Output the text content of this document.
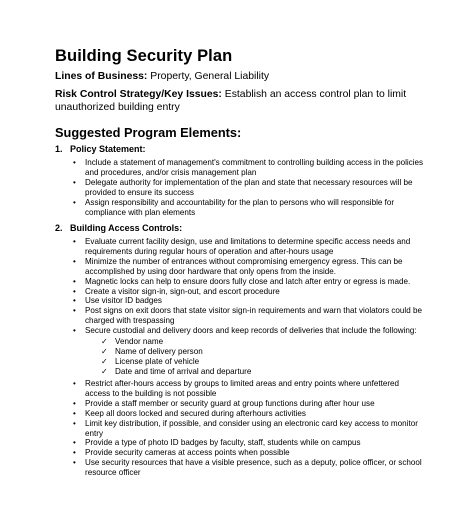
Building Security Plan
Lines of Business: Property, General Liability
Risk Control Strategy/Key Issues: Establish an access control plan to limit unauthorized building entry
Suggested Program Elements:
1. Policy Statement:
• Include a statement of management's commitment to controlling building access in the policies and procedures, and/or crisis management plan
• Delegate authority for implementation of the plan and state that necessary resources will be provided to ensure its success
• Assign responsibility and accountability for the plan to persons who will responsible for compliance with plan elements
2. Building Access Controls:
• Evaluate current facility design, use and limitations to determine specific access needs and requirements during regular hours of operation and after-hours usage
• Minimize the number of entrances without compromising emergency egress. This can be accomplished by using door hardware that only opens from the inside.
• Magnetic locks can help to ensure doors fully close and latch after entry or egress is made.
• Create a visitor sign-in, sign-out, and escort procedure
• Use visitor ID badges
• Post signs on exit doors that state visitor sign-in requirements and warn that violators could be charged with trespassing
• Secure custodial and delivery doors and keep records of deliveries that include the following:
✓ Vendor name
✓ Name of delivery person
✓ License plate of vehicle
✓ Date and time of arrival and departure
• Restrict after-hours access by groups to limited areas and entry points where unfettered access to the building is not possible
• Provide a staff member or security guard at group functions during after hour use
• Keep all doors locked and secured during afterhours activities
• Limit key distribution, if possible, and consider using an electronic card key access to monitor entry
• Provide a type of photo ID badges by faculty, staff, students while on campus
• Provide security cameras at access points when possible
• Use security resources that have a visible presence, such as a deputy, police officer, or school resource officer
